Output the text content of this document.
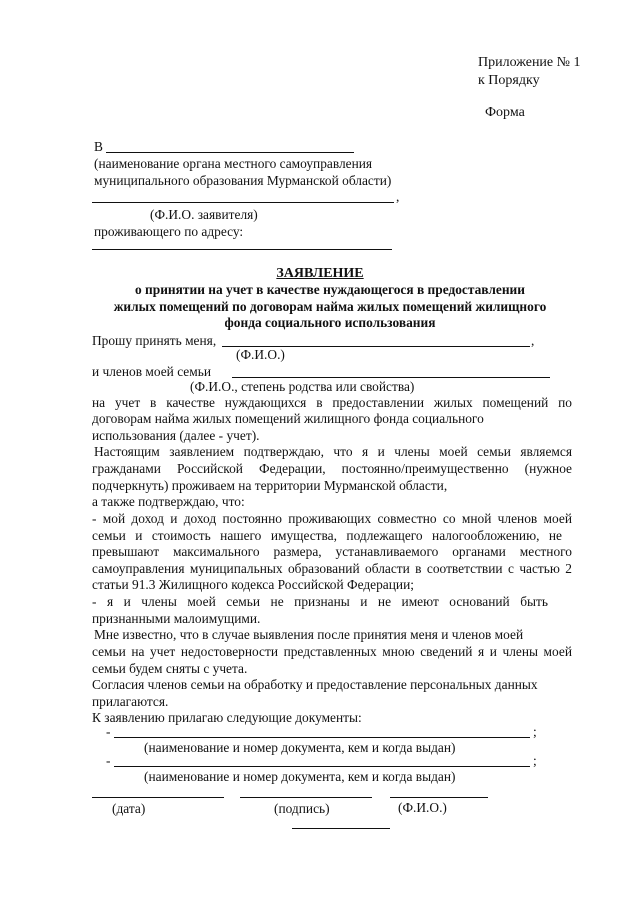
Приложение № 1
к Порядку
Форма
В
(наименование органа местного самоуправления
муниципального образования Мурманской области)
,
(Ф.И.О. заявителя)
проживающего по адресу:
ЗАЯВЛЕНИЕ
о принятии на учет в качестве нуждающегося в предоставлении
жилых помещений по договорам найма жилых помещений жилищного
фонда социального использования
Прошу принять меня,	,
(Ф.И.О.)
и членов моей семьи
(Ф.И.О., степень родства или свойства)
на учет в качестве нуждающихся в предоставлении жилых помещений по
договорам найма жилых помещений жилищного фонда социального
использования (далее - учет).
Настоящим заявлением подтверждаю, что я и члены моей семьи являемся
гражданами Российской Федерации, постоянно/преимущественно (нужное
подчеркнуть) проживаем на территории Мурманской области,
а также подтверждаю, что:
- мой доход и доход постоянно проживающих совместно со мной членов моей
семьи и стоимость нашего имущества, подлежащего налогообложению, не
превышают максимального размера, устанавливаемого органами местного
самоуправления муниципальных образований области в соответствии с частью 2
статьи 91.3 Жилищного кодекса Российской Федерации;
- я и члены моей семьи не признаны и не имеют оснований быть
признанными малоимущими.
Мне известно, что в случае выявления после принятия меня и членов моей
семьи на учет недостоверности представленных мною сведений я и члены моей
семьи будем сняты с учета.
Согласия членов семьи на обработку и предоставление персональных данных
прилагаются.
К заявлению прилагаю следующие документы:
-	;
(наименование и номер документа, кем и когда выдан)
-	;
(наименование и номер документа, кем и когда выдан)
(дата)	(подпись)	(Ф.И.О.)
